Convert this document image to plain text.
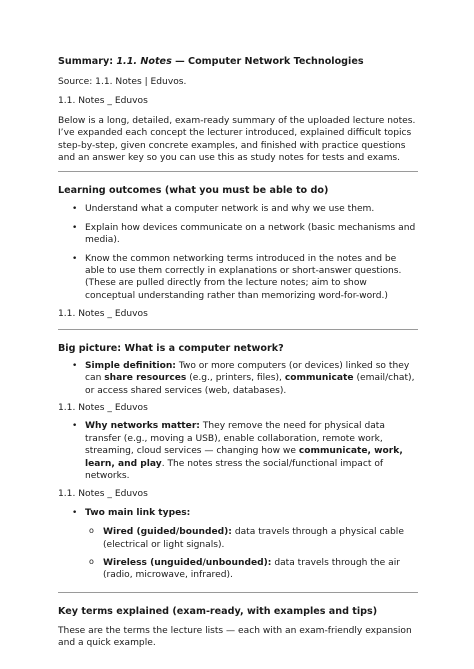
Summary: 1.1. Notes — Computer Network Technologies

Source: 1.1. Notes | Eduvos.

1.1. Notes _ Eduvos

Below is a long, detailed, exam-ready summary of the uploaded lecture notes. I’ve expanded each concept the lecturer introduced, explained difficult topics step-by-step, given concrete examples, and finished with practice questions and an answer key so you can use this as study notes for tests and exams.

Learning outcomes (what you must be able to do)

• Understand what a computer network is and why we use them.
• Explain how devices communicate on a network (basic mechanisms and media).
• Know the common networking terms introduced in the notes and be able to use them correctly in explanations or short-answer questions.
(These are pulled directly from the lecture notes; aim to show conceptual understanding rather than memorizing word-for-word.)

1.1. Notes _ Eduvos

Big picture: What is a computer network?

• Simple definition: Two or more computers (or devices) linked so they can share resources (e.g., printers, files), communicate (email/chat), or access shared services (web, databases).

1.1. Notes _ Eduvos

• Why networks matter: They remove the need for physical data transfer (e.g., moving a USB), enable collaboration, remote work, streaming, cloud services — changing how we communicate, work, learn, and play. The notes stress the social/functional impact of networks.

1.1. Notes _ Eduvos

• Two main link types:
o Wired (guided/bounded): data travels through a physical cable (electrical or light signals).
o Wireless (unguided/unbounded): data travels through the air (radio, microwave, infrared).

Key terms explained (exam-ready, with examples and tips)

These are the terms the lecture lists — each with an exam-friendly expansion and a quick example.
